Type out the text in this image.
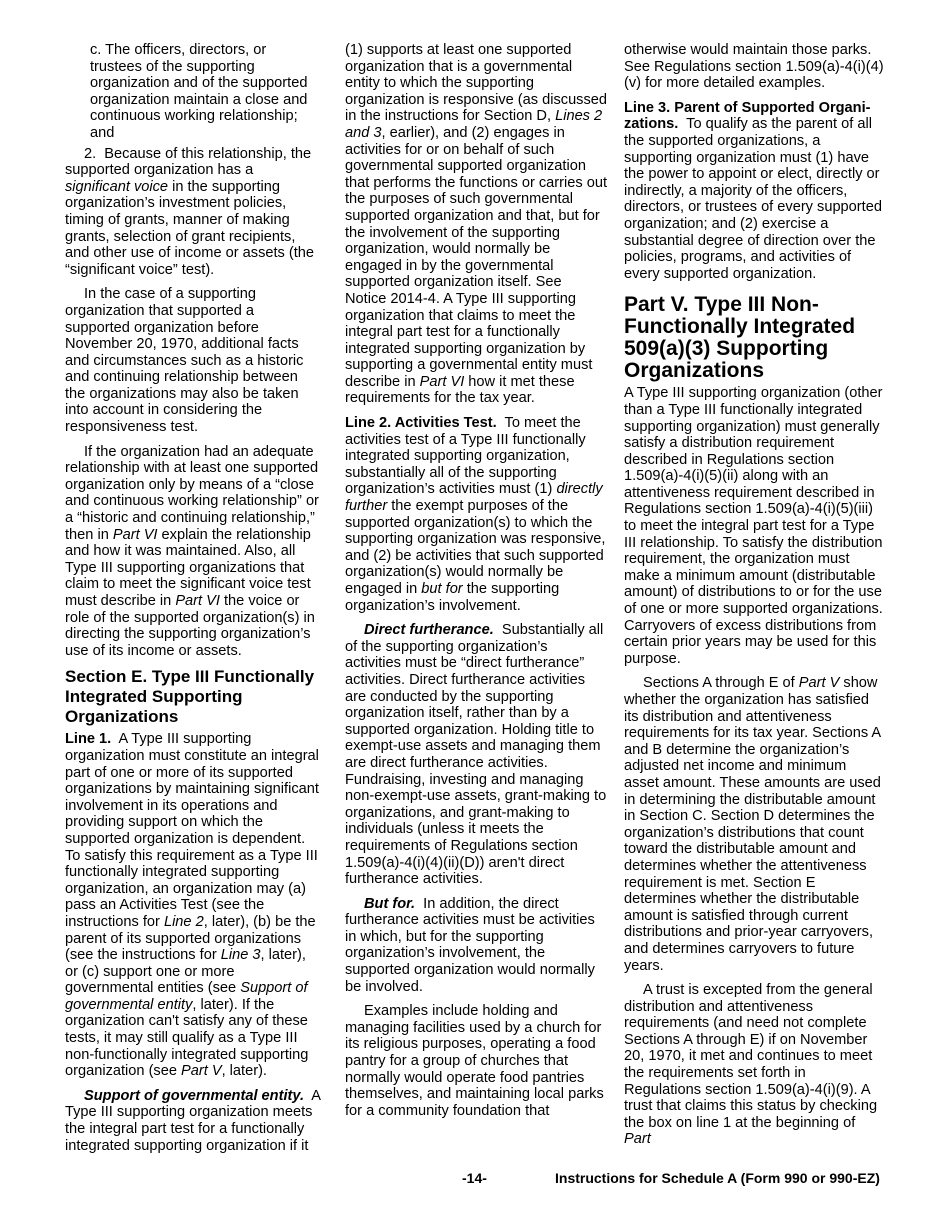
c. The officers, directors, or trustees of the supporting organization and of the supported organization maintain a close and continuous working relationship; and

2.  Because of this relationship, the supported organization has a significant voice in the supporting organization’s investment policies, timing of grants, manner of making grants, selection of grant recipients, and other use of income or assets (the “significant voice” test).

In the case of a supporting organization that supported a supported organization before November 20, 1970, additional facts and circumstances such as a historic and continuing relationship between the organizations may also be taken into account in considering the responsiveness test.

If the organization had an adequate relationship with at least one supported organization only by means of a “close and continuous working relationship” or a “historic and continuing relationship,” then in Part VI explain the relationship and how it was maintained. Also, all Type III supporting organizations that claim to meet the significant voice test must describe in Part VI the voice or role of the supported organization(s) in directing the supporting organization’s use of its income or assets.

Section E. Type III Functionally Integrated Supporting Organizations

Line 1.  A Type III supporting organization must constitute an integral part of one or more of its supported organizations by maintaining significant involvement in its operations and providing support on which the supported organization is dependent. To satisfy this requirement as a Type III functionally integrated supporting organization, an organization may (a) pass an Activities Test (see the instructions for Line 2, later), (b) be the parent of its supported organizations (see the instructions for Line 3, later), or (c) support one or more governmental entities (see Support of governmental entity, later). If the organization can't satisfy any of these tests, it may still qualify as a Type III non-functionally integrated supporting organization (see Part V, later).

Support of governmental entity.  A Type III supporting organization meets the integral part test for a functionally integrated supporting organization if it

(1) supports at least one supported organization that is a governmental entity to which the supporting organization is responsive (as discussed in the instructions for Section D, Lines 2 and 3, earlier), and (2) engages in activities for or on behalf of such governmental supported organization that performs the functions or carries out the purposes of such governmental supported organization and that, but for the involvement of the supporting organization, would normally be engaged in by the governmental supported organization itself. See Notice 2014-4. A Type III supporting organization that claims to meet the integral part test for a functionally integrated supporting organization by supporting a governmental entity must describe in Part VI how it met these requirements for the tax year.

Line 2. Activities Test.  To meet the activities test of a Type III functionally integrated supporting organization, substantially all of the supporting organization’s activities must (1) directly further the exempt purposes of the supported organization(s) to which the supporting organization was responsive, and (2) be activities that such supported organization(s) would normally be engaged in but for the supporting organization’s involvement.

Direct furtherance.  Substantially all of the supporting organization’s activities must be “direct furtherance” activities. Direct furtherance activities are conducted by the supporting organization itself, rather than by a supported organization. Holding title to exempt-use assets and managing them are direct furtherance activities. Fundraising, investing and managing non-exempt-use assets, grant-making to organizations, and grant-making to individuals (unless it meets the requirements of Regulations section 1.509(a)-4(i)(4)(ii)(D)) aren't direct furtherance activities.

But for.  In addition, the direct furtherance activities must be activities in which, but for the supporting organization’s involvement, the supported organization would normally be involved.

Examples include holding and managing facilities used by a church for its religious purposes, operating a food pantry for a group of churches that normally would operate food pantries themselves, and maintaining local parks for a community foundation that

otherwise would maintain those parks. See Regulations section 1.509(a)-4(i)(4)(v) for more detailed examples.

Line 3. Parent of Supported Organi-zations.  To qualify as the parent of all the supported organizations, a supporting organization must (1) have the power to appoint or elect, directly or indirectly, a majority of the officers, directors, or trustees of every supported organization; and (2) exercise a substantial degree of direction over the policies, programs, and activities of every supported organization.

Part V. Type III Non-Functionally Integrated 509(a)(3) Supporting Organizations

A Type III supporting organization (other than a Type III functionally integrated supporting organization) must generally satisfy a distribution requirement described in Regulations section 1.509(a)-4(i)(5)(ii) along with an attentiveness requirement described in Regulations section 1.509(a)-4(i)(5)(iii) to meet the integral part test for a Type III relationship. To satisfy the distribution requirement, the organization must make a minimum amount (distributable amount) of distributions to or for the use of one or more supported organizations. Carryovers of excess distributions from certain prior years may be used for this purpose.

Sections A through E of Part V show whether the organization has satisfied its distribution and attentiveness requirements for its tax year. Sections A and B determine the organization’s adjusted net income and minimum asset amount. These amounts are used in determining the distributable amount in Section C. Section D determines the organization’s distributions that count toward the distributable amount and determines whether the attentiveness requirement is met. Section E determines whether the distributable amount is satisfied through current distributions and prior-year carryovers, and determines carryovers to future years.

A trust is excepted from the general distribution and attentiveness requirements (and need not complete Sections A through E) if on November 20, 1970, it met and continues to meet the requirements set forth in Regulations section 1.509(a)-4(i)(9). A trust that claims this status by checking the box on line 1 at the beginning of Part

-14-	Instructions for Schedule A (Form 990 or 990-EZ)
